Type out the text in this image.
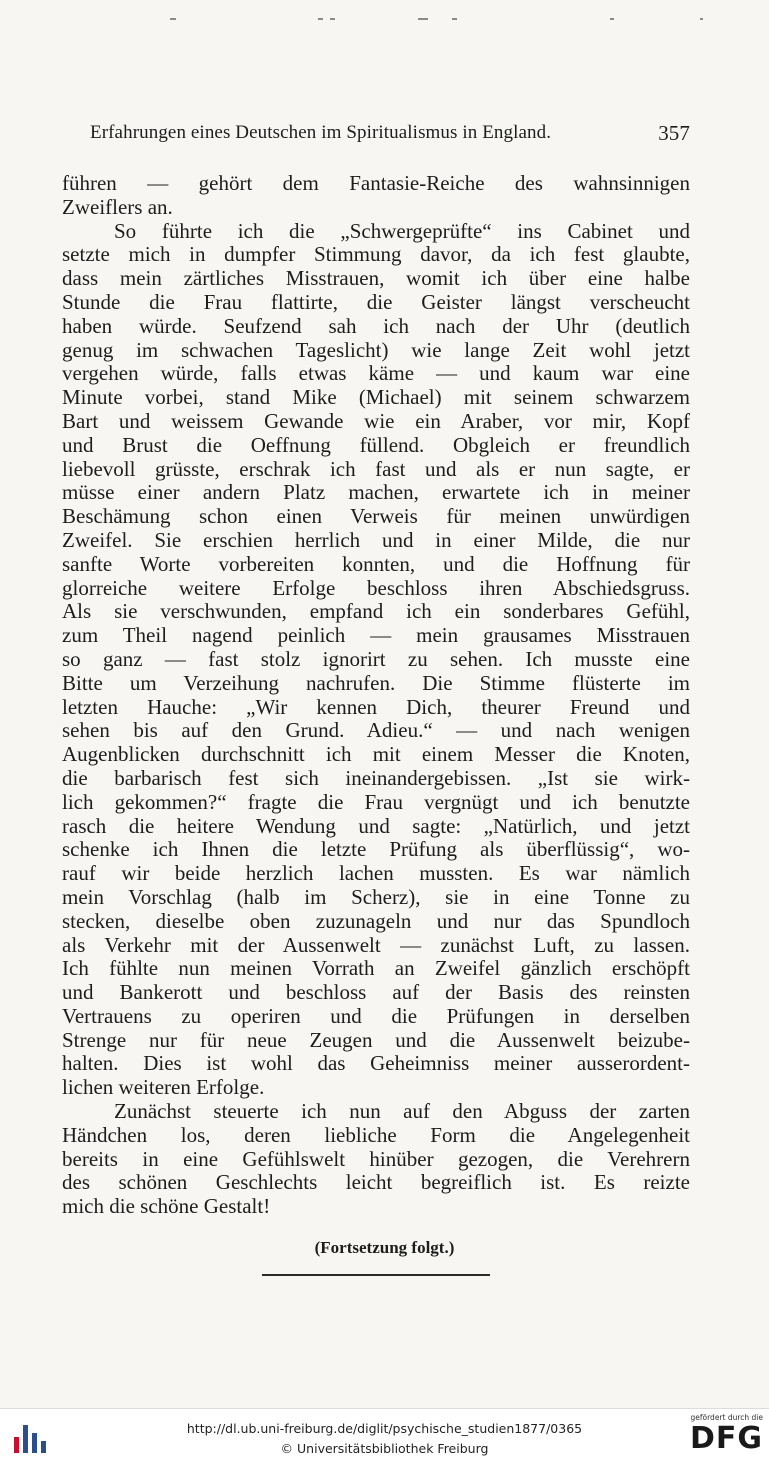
Erfahrungen eines Deutschen im Spiritualismus in England.	357
führen — gehört dem Fantasie-Reiche des wahnsinnigen
Zweiflers an.
So führte ich die „Schwergeprüfte“ ins Cabinet und
setzte mich in dumpfer Stimmung davor, da ich fest glaubte,
dass mein zärtliches Misstrauen, womit ich über eine halbe
Stunde die Frau flattirte, die Geister längst verscheucht
haben würde. Seufzend sah ich nach der Uhr (deutlich
genug im schwachen Tageslicht) wie lange Zeit wohl jetzt
vergehen würde, falls etwas käme — und kaum war eine
Minute vorbei, stand Mike (Michael) mit seinem schwarzem
Bart und weissem Gewande wie ein Araber, vor mir, Kopf
und Brust die Oeffnung füllend. Obgleich er freundlich
liebevoll grüsste, erschrak ich fast und als er nun sagte, er
müsse einer andern Platz machen, erwartete ich in meiner
Beschämung schon einen Verweis für meinen unwürdigen
Zweifel. Sie erschien herrlich und in einer Milde, die nur
sanfte Worte vorbereiten konnten, und die Hoffnung für
glorreiche weitere Erfolge beschloss ihren Abschiedsgruss.
Als sie verschwunden, empfand ich ein sonderbares Gefühl,
zum Theil nagend peinlich — mein grausames Misstrauen
so ganz — fast stolz ignorirt zu sehen. Ich musste eine
Bitte um Verzeihung nachrufen. Die Stimme flüsterte im
letzten Hauche: „Wir kennen Dich, theurer Freund und
sehen bis auf den Grund. Adieu.“ — und nach wenigen
Augenblicken durchschnitt ich mit einem Messer die Knoten,
die barbarisch fest sich ineinandergebissen. „Ist sie wirk-
lich gekommen?“ fragte die Frau vergnügt und ich benutzte
rasch die heitere Wendung und sagte: „Natürlich, und jetzt
schenke ich Ihnen die letzte Prüfung als überflüssig“, wo-
rauf wir beide herzlich lachen mussten. Es war nämlich
mein Vorschlag (halb im Scherz), sie in eine Tonne zu
stecken, dieselbe oben zuzunageln und nur das Spundloch
als Verkehr mit der Aussenwelt — zunächst Luft, zu lassen.
Ich fühlte nun meinen Vorrath an Zweifel gänzlich erschöpft
und Bankerott und beschloss auf der Basis des reinsten
Vertrauens zu operiren und die Prüfungen in derselben
Strenge nur für neue Zeugen und die Aussenwelt beizube-
halten. Dies ist wohl das Geheimniss meiner ausserordent-
lichen weiteren Erfolge.
Zunächst steuerte ich nun auf den Abguss der zarten
Händchen los, deren liebliche Form die Angelegenheit
bereits in eine Gefühlswelt hinüber gezogen, die Verehrern
des schönen Geschlechts leicht begreiflich ist. Es reizte
mich die schöne Gestalt!
(Fortsetzung folgt.)
http://dl.ub.uni-freiburg.de/diglit/psychische_studien1877/0365
© Universitätsbibliothek Freiburg
gefördert durch die
DFG
